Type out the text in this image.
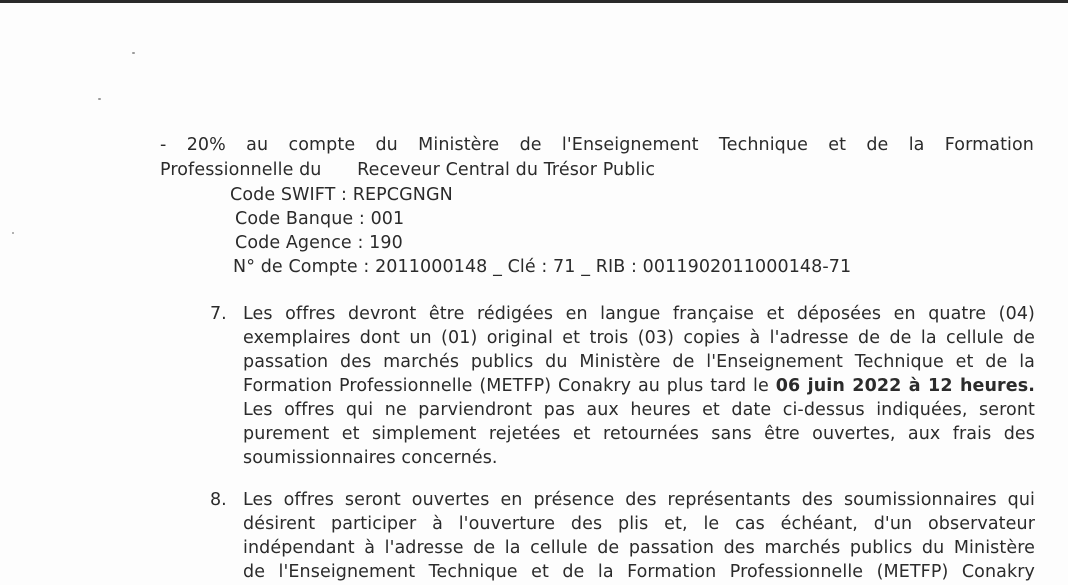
- 20% au compte du Ministère de l'Enseignement Technique et de la Formation
Professionnelle du Receveur Central du Trésor Public
Code SWIFT : REPCGNGN
Code Banque : 001
Code Agence : 190
N° de Compte : 2011000148 _ Clé : 71 _ RIB : 0011902011000148-71
7. Les offres devront être rédigées en langue française et déposées en quatre (04)
exemplaires dont un (01) original et trois (03) copies à l'adresse de de la cellule de
passation des marchés publics du Ministère de l'Enseignement Technique et de la
Formation Professionnelle (METFP) Conakry au plus tard le 06 juin 2022 à 12 heures.
Les offres qui ne parviendront pas aux heures et date ci-dessus indiquées, seront
purement et simplement rejetées et retournées sans être ouvertes, aux frais des
soumissionnaires concernés.
8. Les offres seront ouvertes en présence des représentants des soumissionnaires qui
désirent participer à l'ouverture des plis et, le cas échéant, d'un observateur
indépendant à l'adresse de la cellule de passation des marchés publics du Ministère
de l'Enseignement Technique et de la Formation Professionnelle (METFP) Conakry
